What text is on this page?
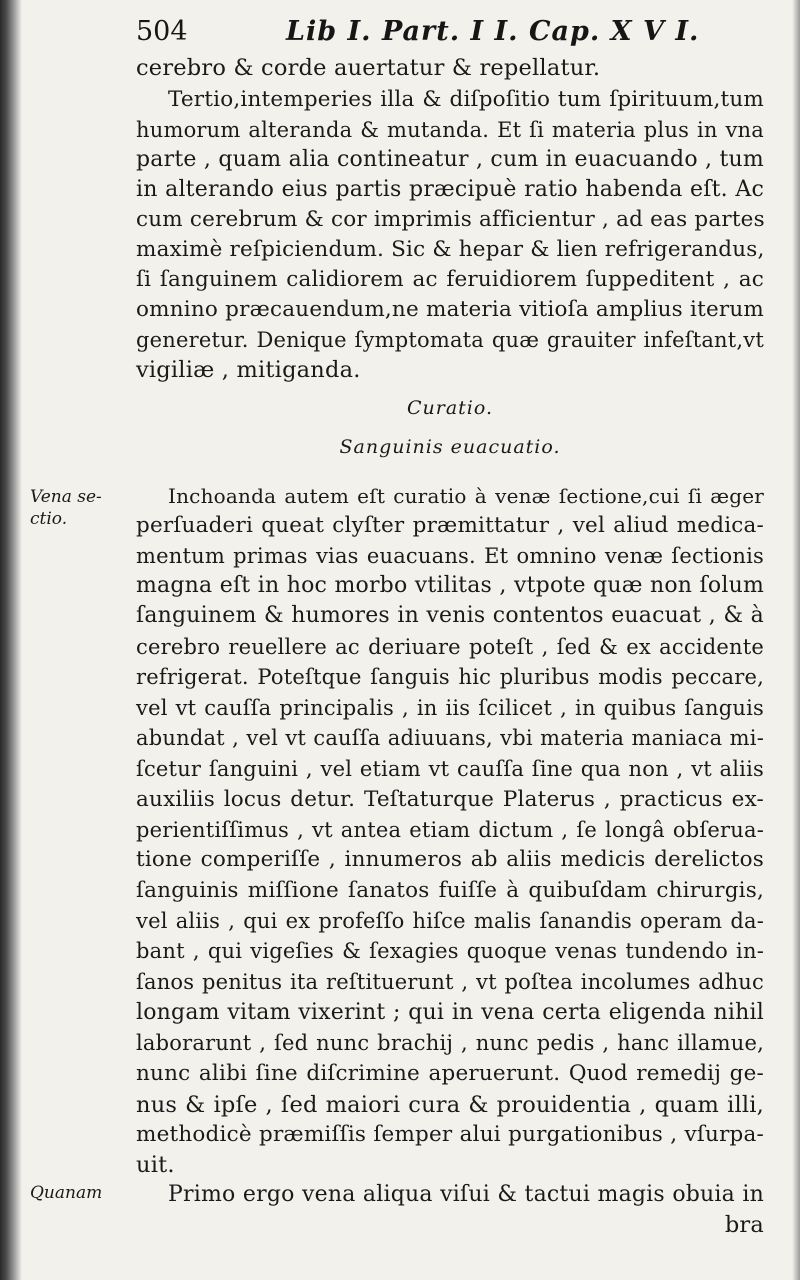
504	Lib I. Part. I I. Cap. X V I.
cerebro & corde auertatur & repellatur.
Tertio,intemperies illa & diſpoſitio tum ſpirituum,tum
humorum alteranda & mutanda. Et ſi materia plus in vna
parte , quam alia contineatur , cum in euacuando , tum
in alterando eius partis præcipuè ratio habenda eſt. Ac
cum cerebrum & cor imprimis afficientur , ad eas partes
maximè reſpiciendum. Sic & hepar & lien refrigerandus,
ſi ſanguinem calidiorem ac feruidiorem ſuppeditent , ac
omnino præcauendum,ne materia vitioſa amplius iterum
generetur. Denique ſymptomata quæ grauiter infeſtant,vt
vigiliæ , mitiganda.
Curatio.
Sanguinis euacuatio.
Vena se-
ctio.
Quanam
Inchoanda autem eſt curatio à venæ ſectione,cui ſi æger
perſuaderi queat clyſter præmittatur , vel aliud medica-
mentum primas vias euacuans. Et omnino venæ ſectionis
magna eſt in hoc morbo vtilitas , vtpote quæ non ſolum
ſanguinem & humores in venis contentos euacuat , & à
cerebro reuellere ac deriuare poteſt , ſed & ex accidente
refrigerat. Poteſtque ſanguis hic pluribus modis peccare,
vel vt cauſſa principalis , in iis ſcilicet , in quibus ſanguis
abundat , vel vt cauſſa adiuuans, vbi materia maniaca mi-
ſcetur ſanguini , vel etiam vt cauſſa ſine qua non , vt aliis
auxiliis locus detur. Teſtaturque Platerus , practicus ex-
perientiſſimus , vt antea etiam dictum , ſe longâ obſerua-
tione comperiſſe , innumeros ab aliis medicis derelictos
ſanguinis miſſione ſanatos fuiſſe à quibuſdam chirurgis,
vel aliis , qui ex profeſſo hiſce malis ſanandis operam da-
bant , qui vigeſies & ſexagies quoque venas tundendo in-
ſanos penitus ita reſtituerunt , vt poſtea incolumes adhuc
longam vitam vixerint ; qui in vena certa eligenda nihil
laborarunt , ſed nunc brachij , nunc pedis , hanc illamue,
nunc alibi ſine diſcrimine aperuerunt. Quod remedij ge-
nus & ipſe , ſed maiori cura & prouidentia , quam illi,
methodicè præmiſſis ſemper alui purgationibus , vſurpa-
uit.
Primo ergo vena aliqua viſui & tactui magis obuia in
bra
